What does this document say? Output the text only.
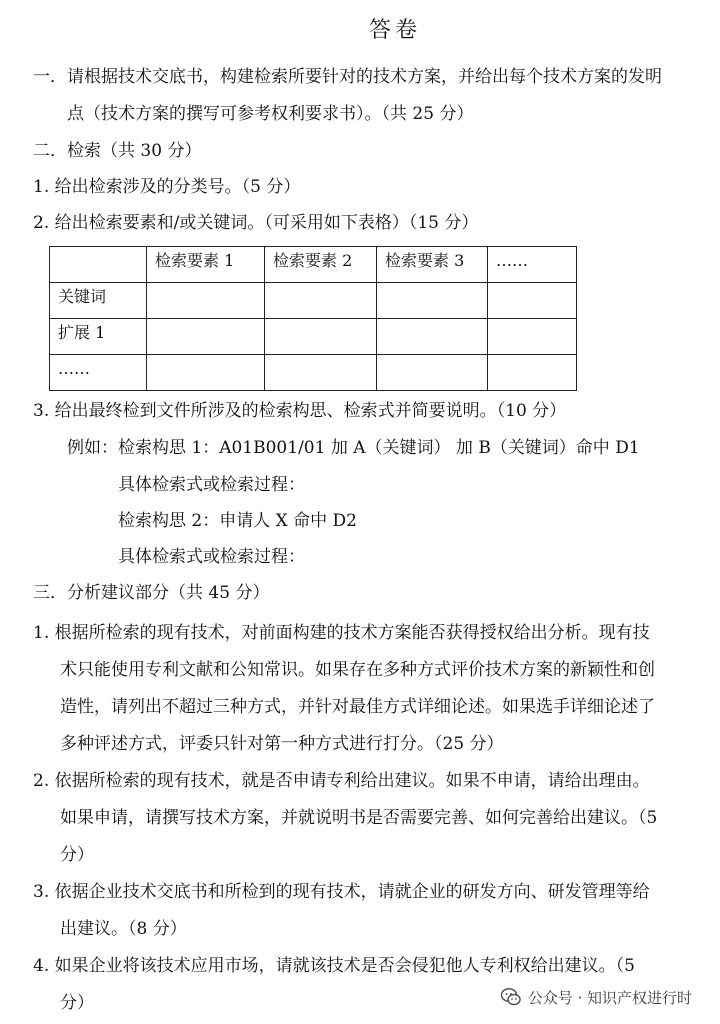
答卷
一．请根据技术交底书，构建检索所要针对的技术方案，并给出每个技术方案的发明
点（技术方案的撰写可参考权利要求书）。（共 25 分）
二．检索（共 30 分）
1. 给出检索涉及的分类号。（5 分）
2. 给出检索要素和/或关键词。（可采用如下表格）（15 分）
	检索要素 1	检索要素 2	检索要素 3	……
关键词				
扩展 1				
……				
3. 给出最终检到文件所涉及的检索构思、检索式并简要说明。（10 分）
例如：检索构思 1：A01B001/01 加 A（关键词） 加 B（关键词）命中 D1
具体检索式或检索过程：
检索构思 2：申请人 X 命中 D2
具体检索式或检索过程：
三．分析建议部分（共 45 分）
1. 根据所检索的现有技术，对前面构建的技术方案能否获得授权给出分析。现有技
术只能使用专利文献和公知常识。如果存在多种方式评价技术方案的新颖性和创
造性，请列出不超过三种方式，并针对最佳方式详细论述。如果选手详细论述了
多种评述方式，评委只针对第一种方式进行打分。（25 分）
2. 依据所检索的现有技术，就是否申请专利给出建议。如果不申请，请给出理由。
如果申请，请撰写技术方案，并就说明书是否需要完善、如何完善给出建议。（5
分）
3. 依据企业技术交底书和所检到的现有技术，请就企业的研发方向、研发管理等给
出建议。（8 分）
4. 如果企业将该技术应用市场，请就该技术是否会侵犯他人专利权给出建议。（5
分）	公众号 · 知识产权进行时
